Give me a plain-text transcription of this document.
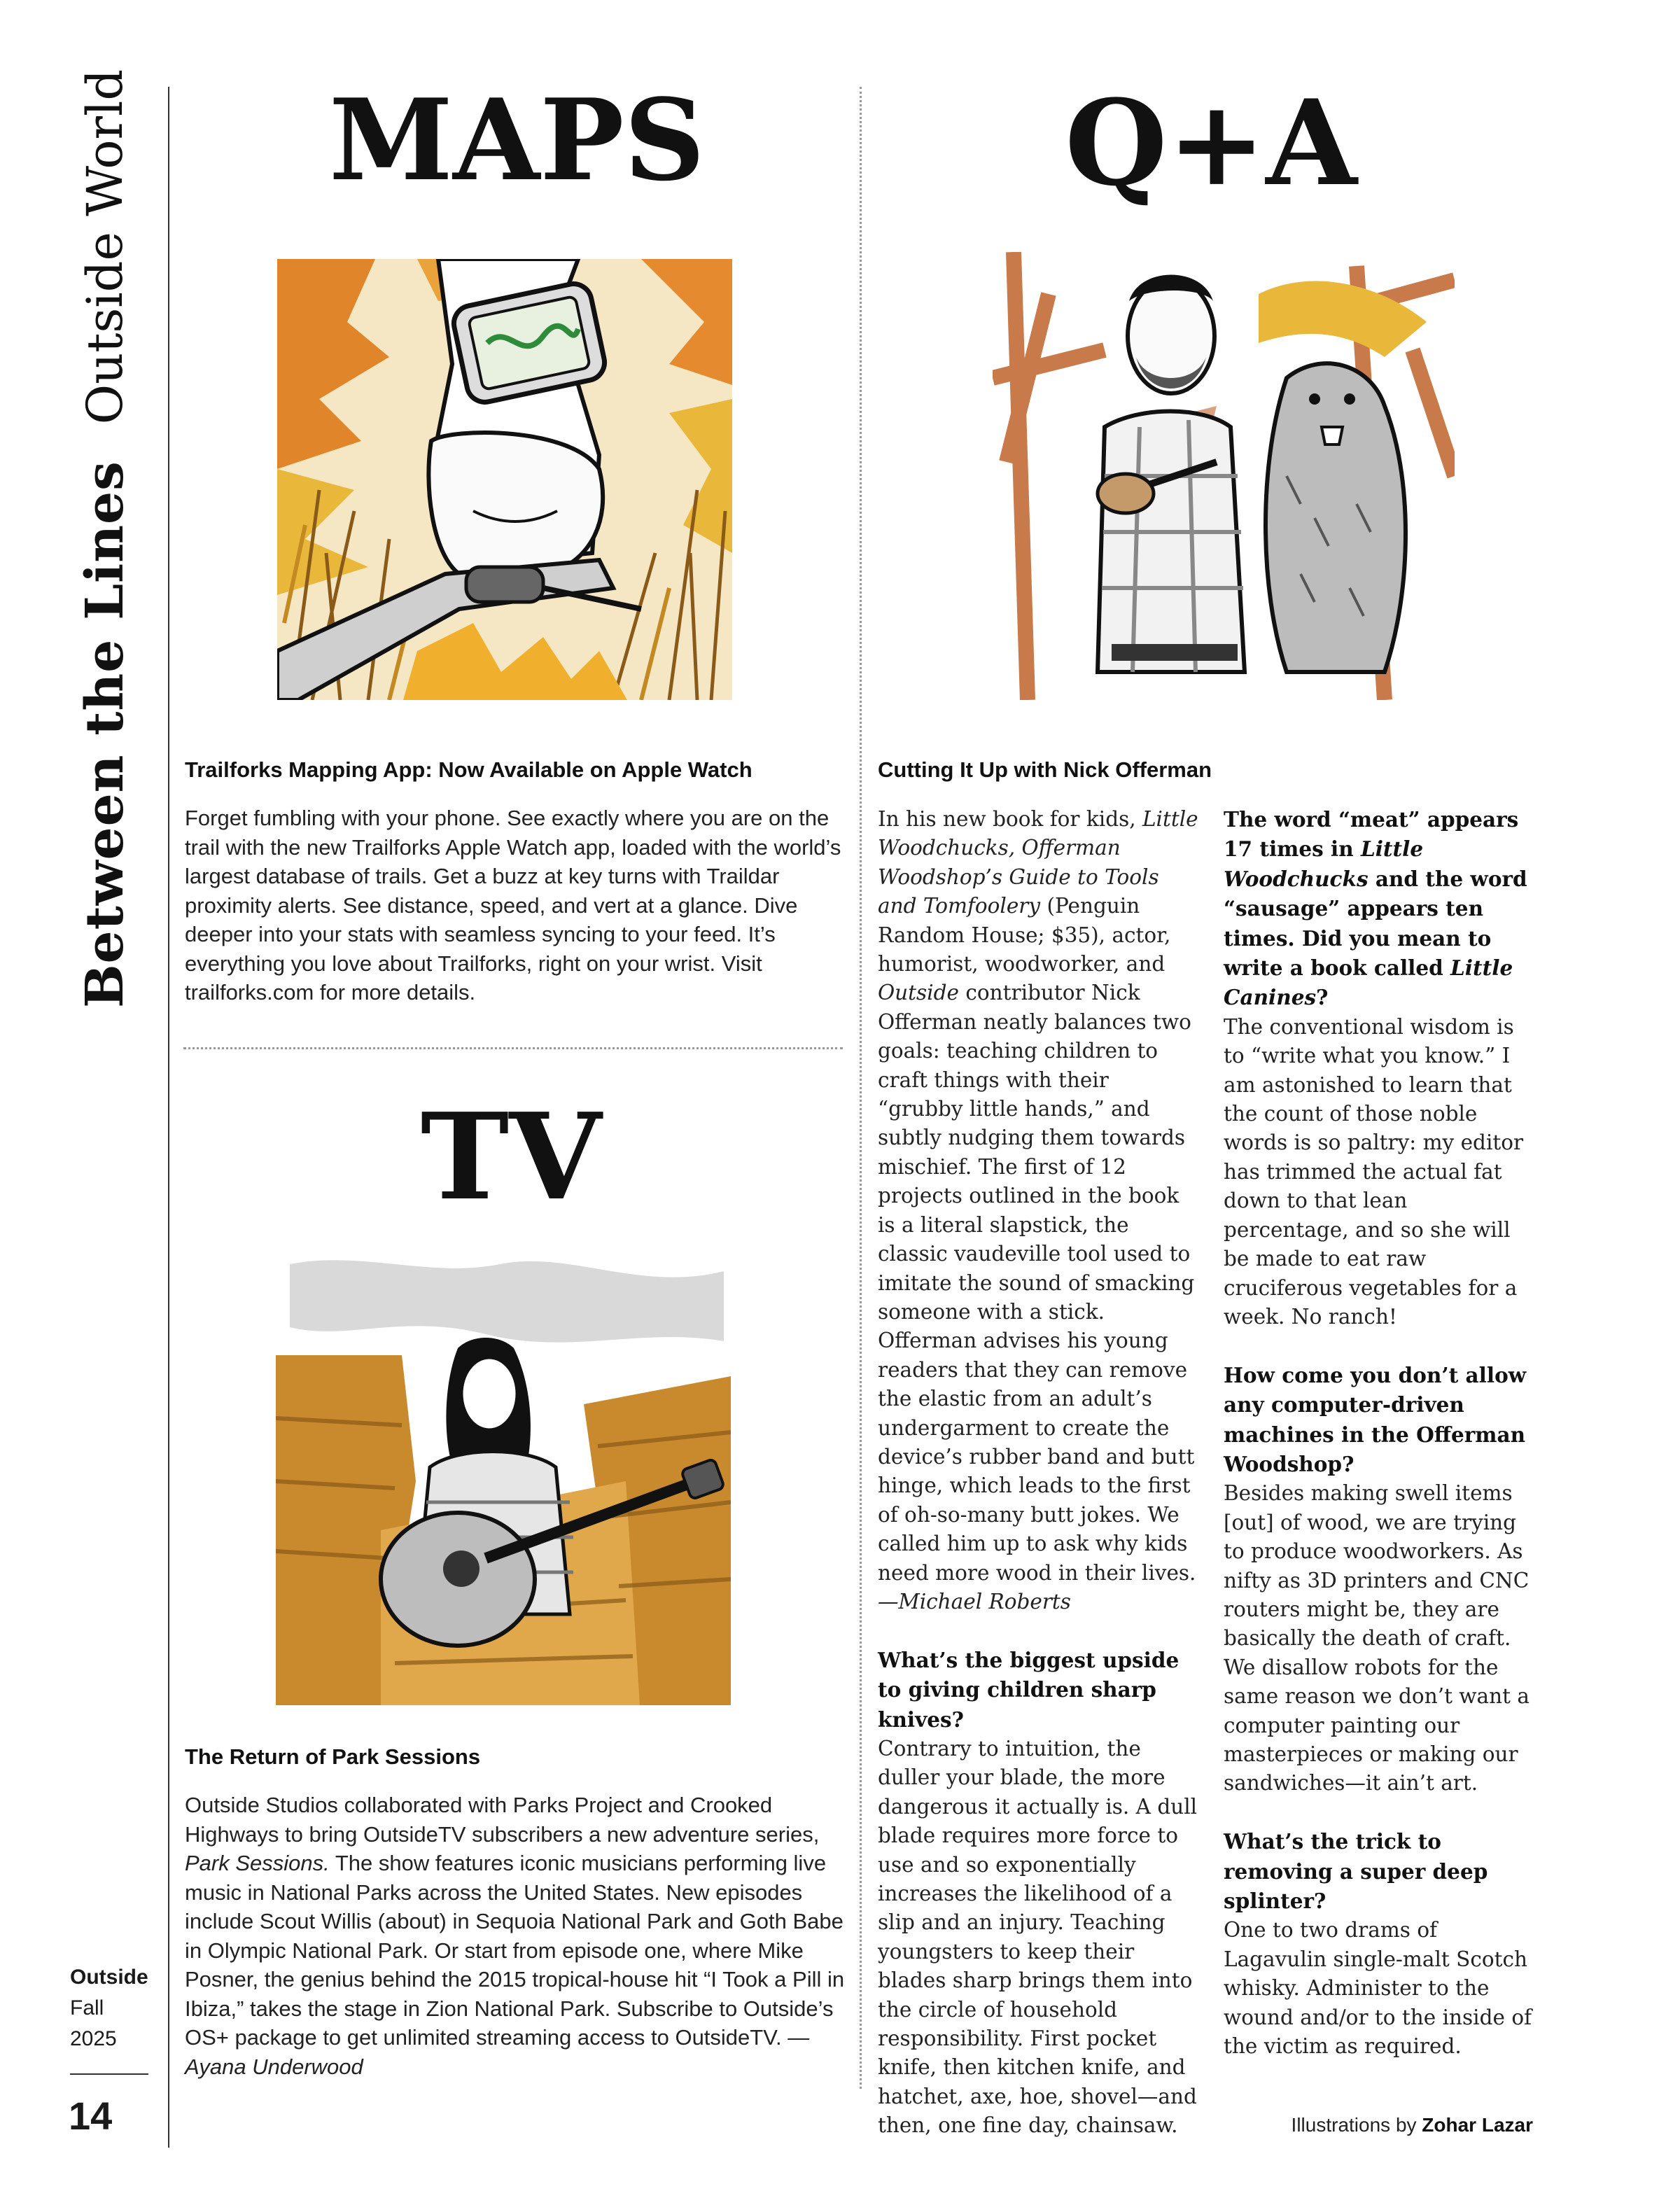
Between the Lines
Outside World
Outside
Fall
2025
14
MAPS
Trailforks Mapping App: Now Available on Apple Watch

Forget fumbling with your phone. See exactly where you are on the trail with the new Trailforks Apple Watch app, loaded with the world’s largest database of trails. Get a buzz at key turns with Traildar proximity alerts. See distance, speed, and vert at a glance. Dive deeper into your stats with seamless syncing to your feed. It’s everything you love about Trailforks, right on your wrist. Visit trailforks.com for more details.

TV
The Return of Park Sessions

Outside Studios collaborated with Parks Project and Crooked Highways to bring OutsideTV subscribers a new adventure series, Park Sessions. The show features iconic musicians performing live music in National Parks across the United States. New episodes include Scout Willis (about) in Sequoia National Park and Goth Babe in Olympic National Park. Or start from episode one, where Mike Posner, the genius behind the 2015 tropical-house hit “I Took a Pill in Ibiza,” takes the stage in Zion National Park. Subscribe to Outside’s OS+ package to get unlimited streaming access to OutsideTV. —Ayana Underwood

Q+A
Cutting It Up with Nick Offerman

In his new book for kids, Little Woodchucks, Offerman Woodshop’s Guide to Tools and Tomfoolery (Penguin Random House; $35), actor, humorist, woodworker, and Outside contributor Nick Offerman neatly balances two goals: teaching children to craft things with their “grubby little hands,” and subtly nudging them towards mischief. The first of 12 projects outlined in the book is a literal slapstick, the classic vaudeville tool used to imitate the sound of smacking someone with a stick. Offerman advises his young readers that they can remove the elastic from an adult’s undergarment to create the device’s rubber band and butt hinge, which leads to the first of oh-so-many butt jokes. We called him up to ask why kids need more wood in their lives.
—Michael Roberts

What’s the biggest upside to giving children sharp knives?
Contrary to intuition, the duller your blade, the more dangerous it actually is. A dull blade requires more force to use and so exponentially increases the likelihood of a slip and an injury. Teaching youngsters to keep their blades sharp brings them into the circle of household responsibility. First pocket knife, then kitchen knife, and hatchet, axe, hoe, shovel—and then, one fine day, chainsaw.

The word “meat” appears 17 times in Little Woodchucks and the word “sausage” appears ten times. Did you mean to write a book called Little Canines?
The conventional wisdom is to “write what you know.” I am astonished to learn that the count of those noble words is so paltry: my editor has trimmed the actual fat down to that lean percentage, and so she will be made to eat raw cruciferous vegetables for a week. No ranch!

How come you don’t allow any computer-driven machines in the Offerman Woodshop?
Besides making swell items [out] of wood, we are trying to produce woodworkers. As nifty as 3D printers and CNC routers might be, they are basically the death of craft. We disallow robots for the same reason we don’t want a computer painting our masterpieces or making our sandwiches—it ain’t art.

What’s the trick to removing a super deep splinter?
One to two drams of Lagavulin single-malt Scotch whisky. Administer to the wound and/or to the inside of the victim as required.

Illustrations by Zohar Lazar
